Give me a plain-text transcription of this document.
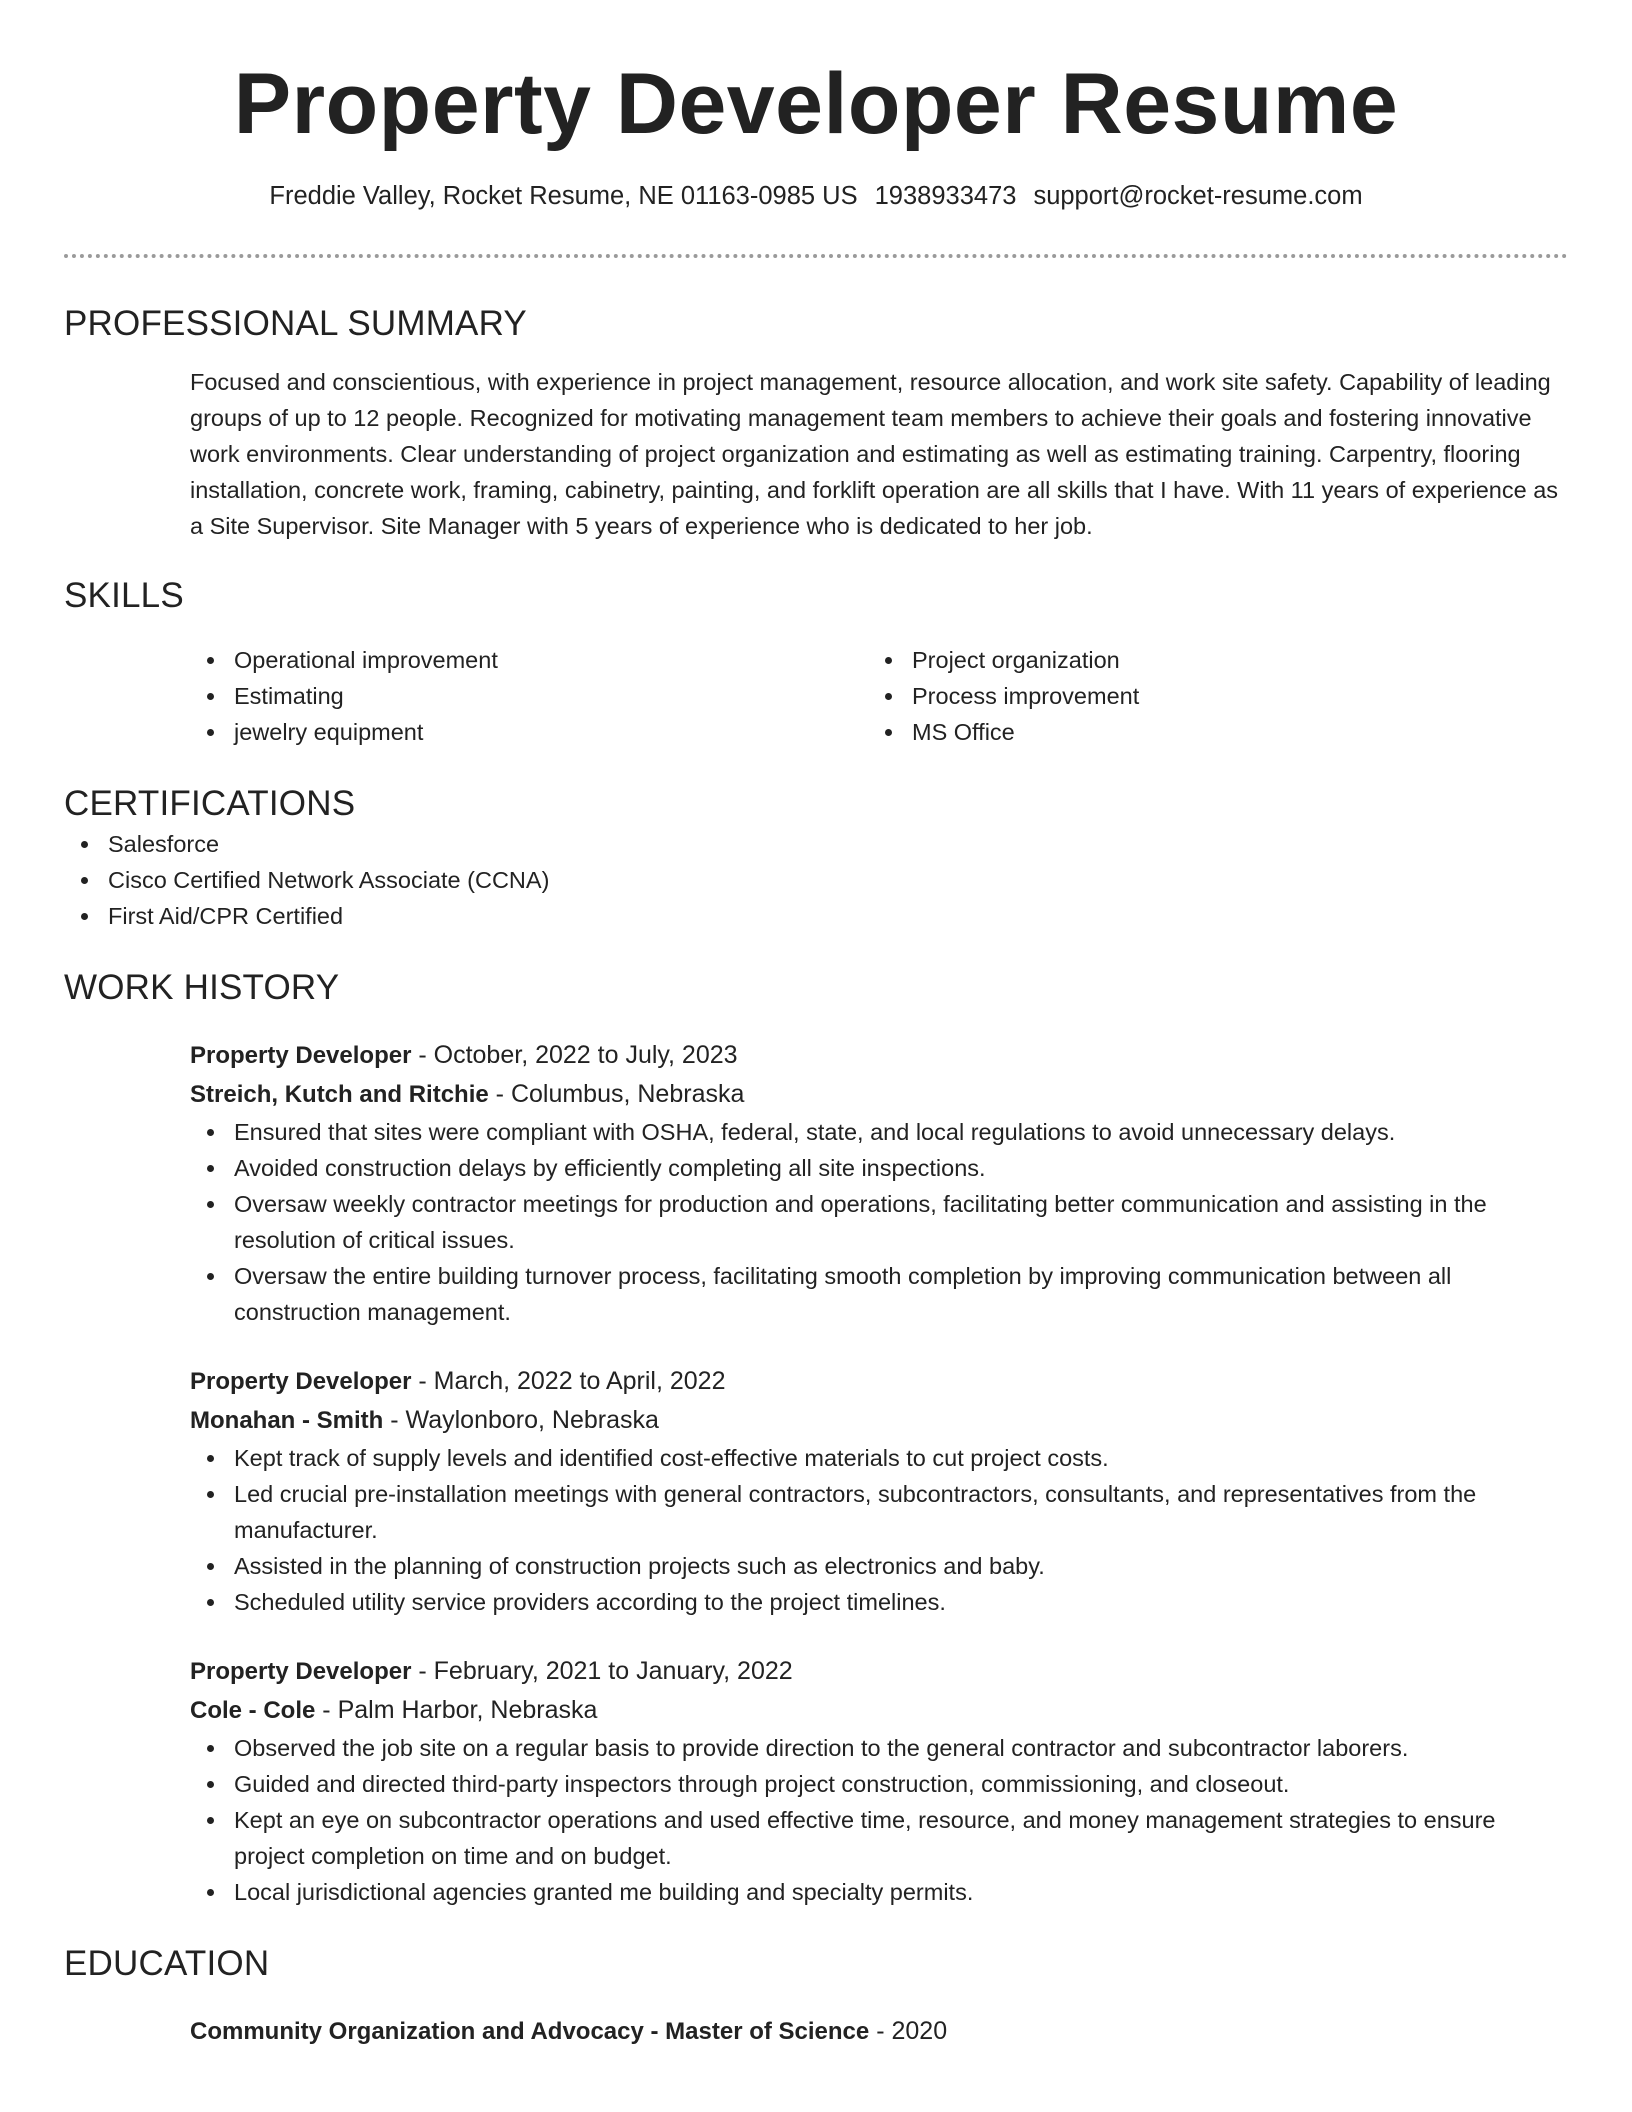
Property Developer Resume
Freddie Valley, Rocket Resume, NE 01163-0985 US 1938933473 support@rocket-resume.com
PROFESSIONAL SUMMARY

Focused and conscientious, with experience in project management, resource allocation, and work site safety. Capability of leading groups of up to 12 people. Recognized for motivating management team members to achieve their goals and fostering innovative work environments. Clear understanding of project organization and estimating as well as estimating training. Carpentry, flooring installation, concrete work, framing, cabinetry, painting, and forklift operation are all skills that I have. With 11 years of experience as a Site Supervisor. Site Manager with 5 years of experience who is dedicated to her job.

SKILLS
Operational improvement
Estimating
jewelry equipment
Project organization
Process improvement
MS Office
CERTIFICATIONS
Salesforce
Cisco Certified Network Associate (CCNA)
First Aid/CPR Certified
WORK HISTORY
Property Developer - October, 2022 to July, 2023
Streich, Kutch and Ritchie - Columbus, Nebraska
Ensured that sites were compliant with OSHA, federal, state, and local regulations to avoid unnecessary delays.
Avoided construction delays by efficiently completing all site inspections.
Oversaw weekly contractor meetings for production and operations, facilitating better communication and assisting in the resolution of critical issues.
Oversaw the entire building turnover process, facilitating smooth completion by improving communication between all construction management.
Property Developer - March, 2022 to April, 2022
Monahan - Smith - Waylonboro, Nebraska
Kept track of supply levels and identified cost-effective materials to cut project costs.
Led crucial pre-installation meetings with general contractors, subcontractors, consultants, and representatives from the manufacturer.
Assisted in the planning of construction projects such as electronics and baby.
Scheduled utility service providers according to the project timelines.
Property Developer - February, 2021 to January, 2022
Cole - Cole - Palm Harbor, Nebraska
Observed the job site on a regular basis to provide direction to the general contractor and subcontractor laborers.
Guided and directed third-party inspectors through project construction, commissioning, and closeout.
Kept an eye on subcontractor operations and used effective time, resource, and money management strategies to ensure project completion on time and on budget.
Local jurisdictional agencies granted me building and specialty permits.
EDUCATION
Community Organization and Advocacy - Master of Science - 2020
